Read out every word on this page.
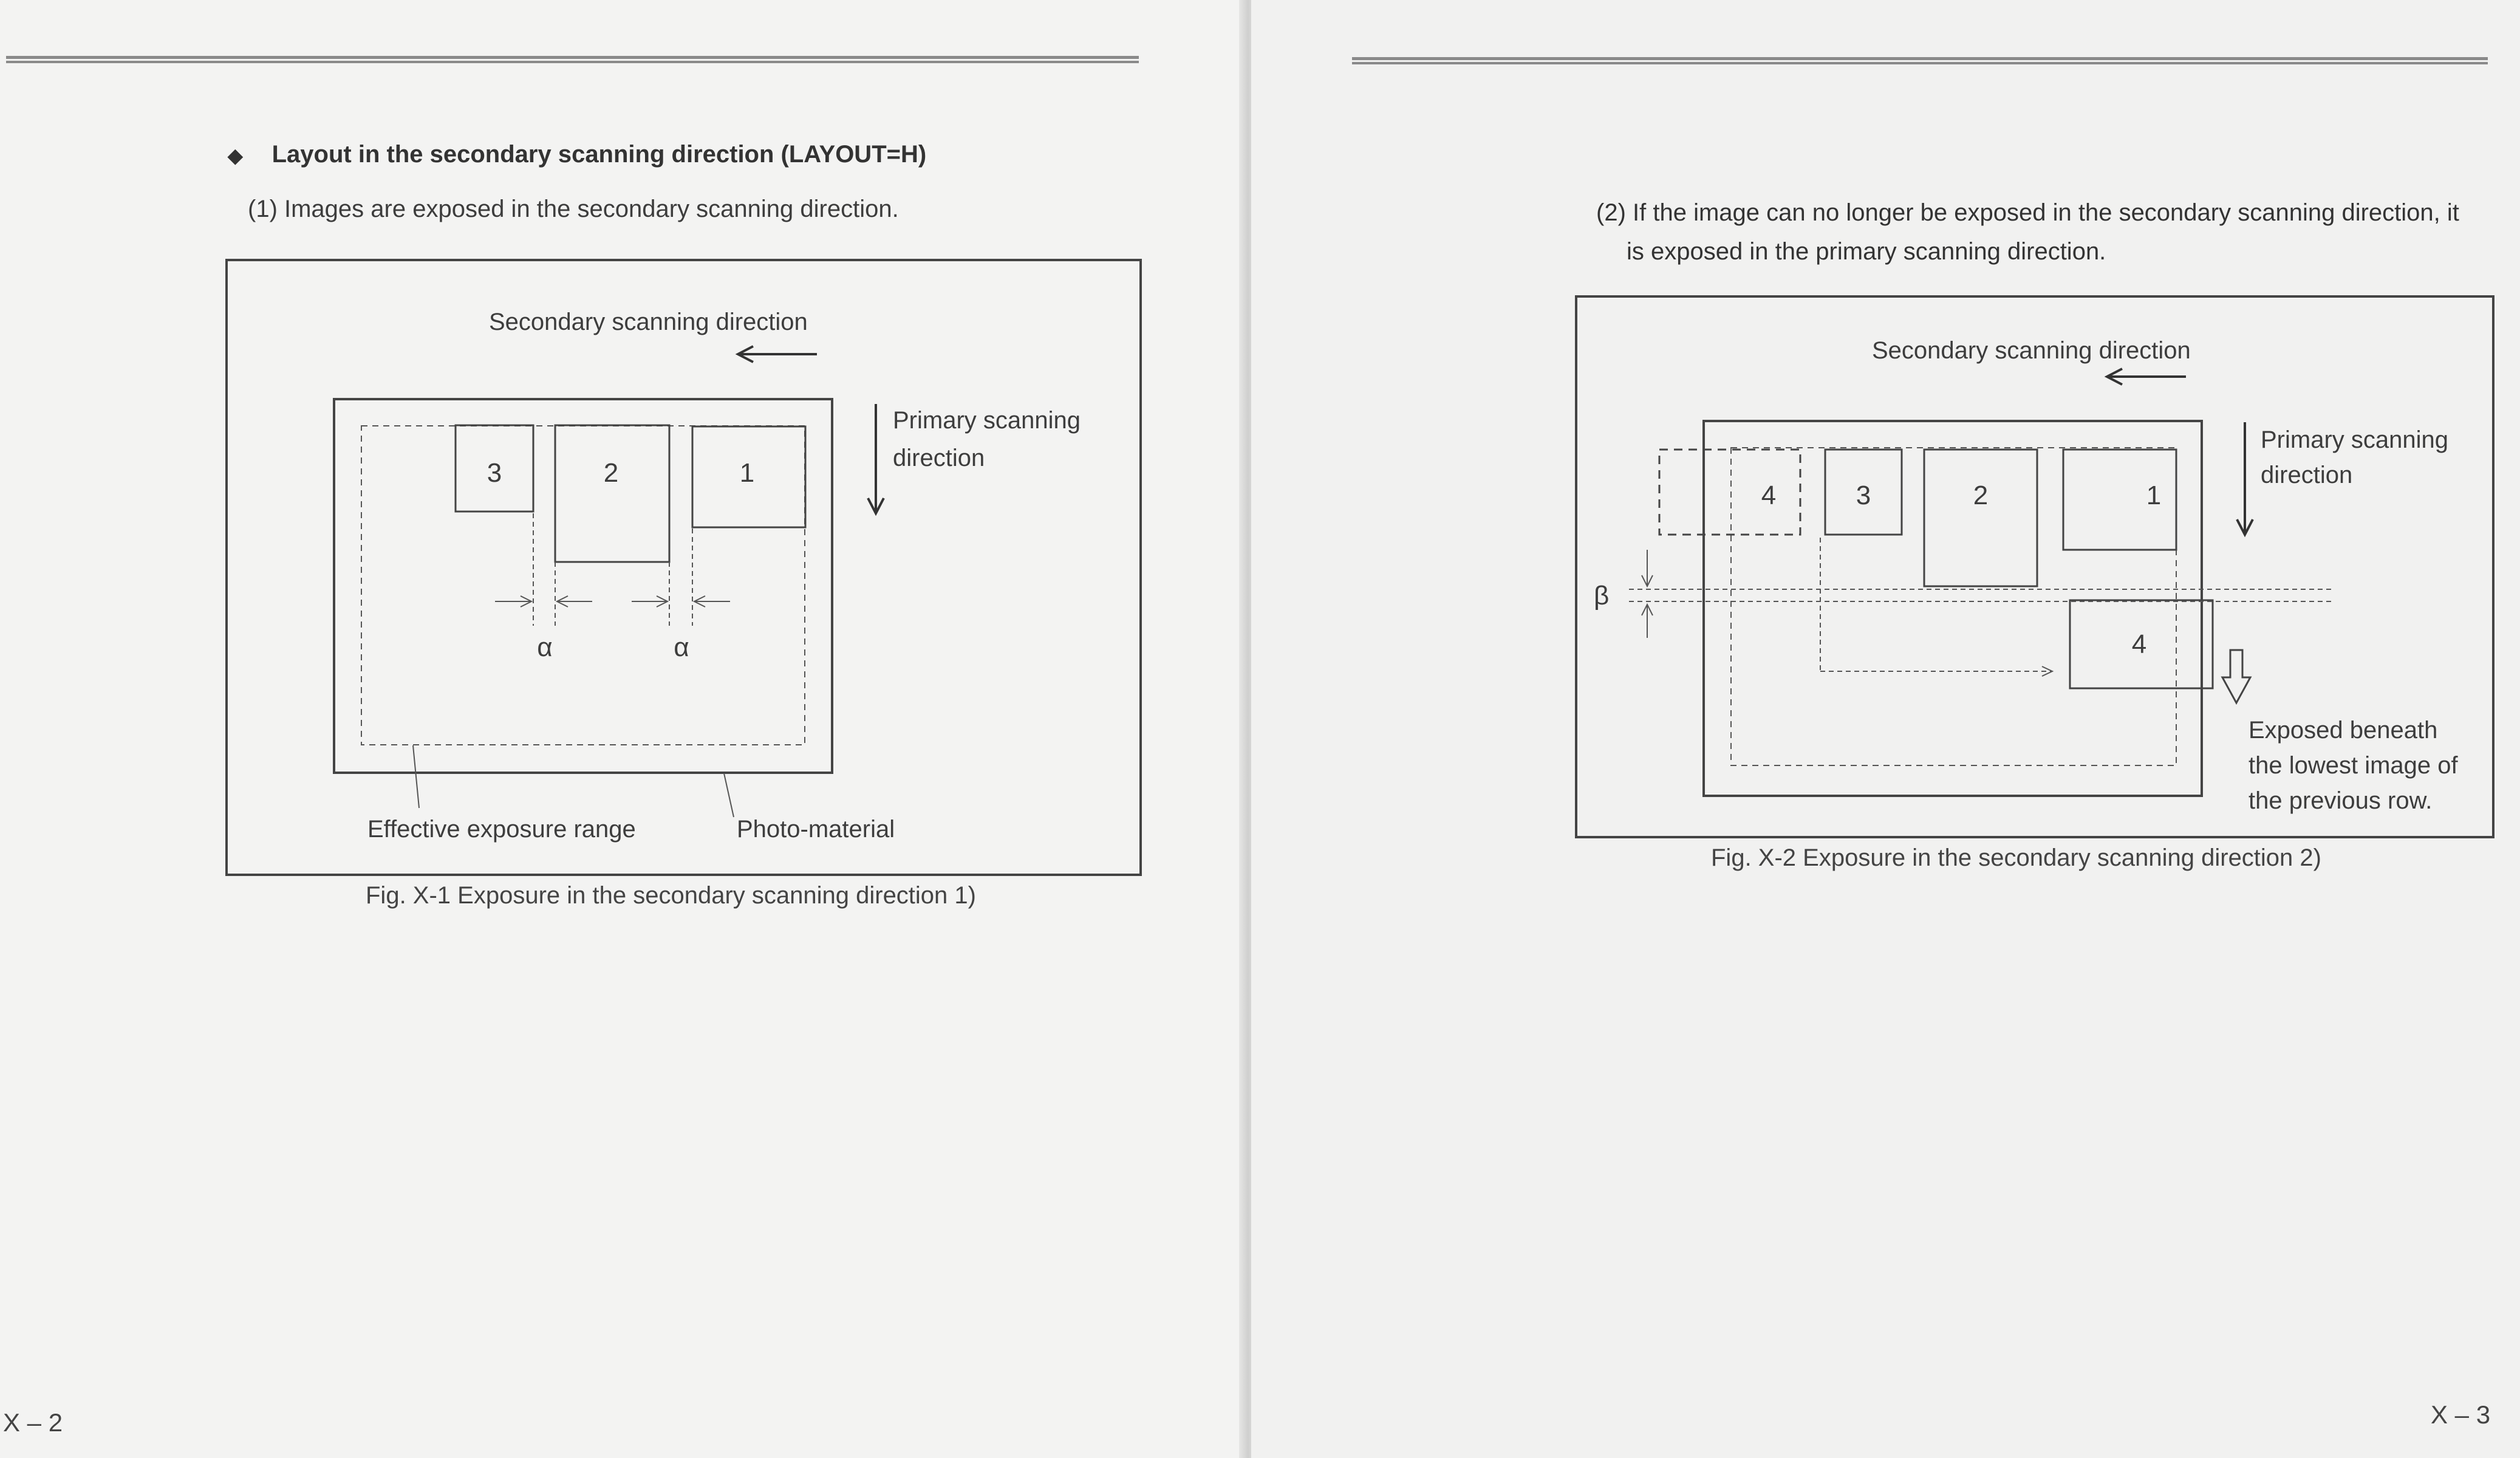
◆ Layout in the secondary scanning direction (LAYOUT=H)
(1) Images are exposed in the secondary scanning direction.
Secondary scanning direction
Primary scanning
direction
3	2	1
α	α
Effective exposure range	Photo-material
Fig. X-1 Exposure in the secondary scanning direction 1)
X – 2
(2) If the image can no longer be exposed in the secondary scanning direction, it
is exposed in the primary scanning direction.
Secondary scanning direction
Primary scanning
direction
4	3	2	1
4
β
Exposed beneath
the lowest image of
the previous row.
Fig. X-2 Exposure in the secondary scanning direction 2)
X – 3
